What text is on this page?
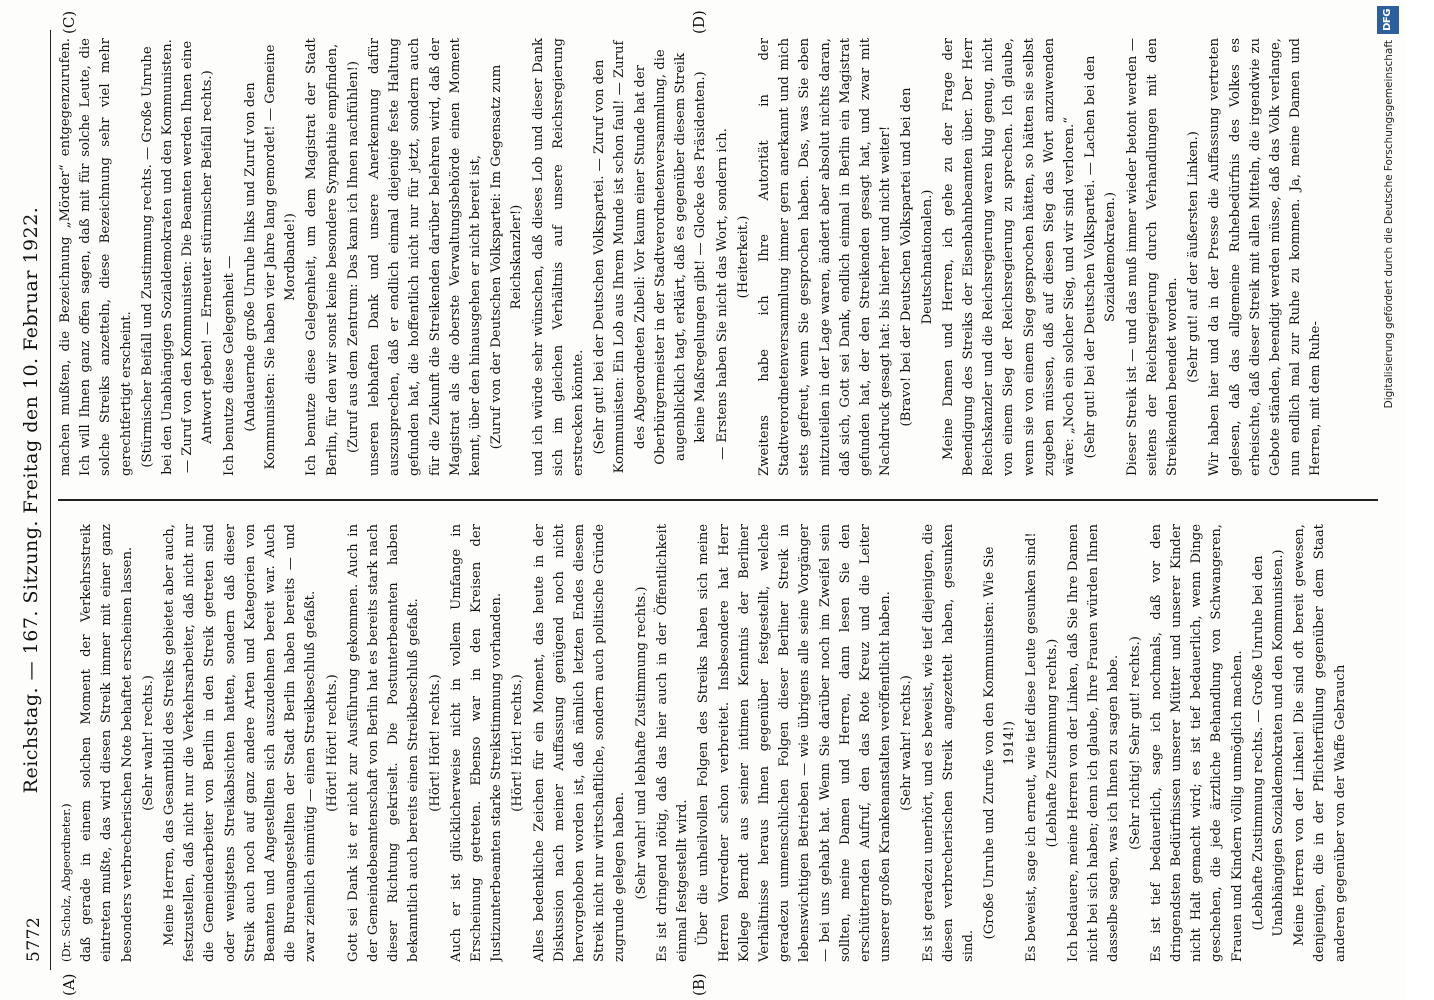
5772
Reichstag. — 167. Sitzung. Freitag den 10. Februar 1922.
(A)	(B)
(C)	(D)

(Dr. Scholz, Abgeordneter.) daß gerade in einem solchen Moment der Verkehrsstreik eintreten mußte, das wird diesen Streik immer mit einer ganz besonders verbrecherischen Note behaftet erscheinen lassen. (Sehr wahr! rechts.) Meine Herren, das Gesamtbild des Streiks gebietet aber auch, festzustellen, daß nicht nur die Verkehrsarbeiter, daß nicht nur die Gemeindearbeiter von Berlin in den Streik getreten sind oder wenigstens Streikabsichten hatten, sondern daß dieser Streik auch noch auf ganz andere Arten und Kategorien von Beamten und Angestellten sich auszudehnen bereit war. Auch die Bureauangestellten der Stadt Berlin haben bereits — und zwar ziemlich einmütig — einen Streikbeschluß gefaßt. (Hört! Hört! rechts.) Gott sei Dank ist er nicht zur Ausführung gekommen. Auch in der Gemeindebeamtenschaft von Berlin hat es bereits stark nach dieser Richtung gekriselt. Die Postunterbeamten haben bekanntlich auch bereits einen Streikbeschluß gefaßt. (Hört! Hört! rechts.) Auch er ist glücklicherweise nicht in vollem Umfange in Erscheinung getreten. Ebenso war in den Kreisen der Justizunterbeamten starke Streikstimmung vorhanden. (Hört! Hört! rechts.) Alles bedenkliche Zeichen für ein Moment, das heute in der Diskussion nach meiner Auffassung genügend noch nicht hervorgehoben worden ist, daß nämlich letzten Endes diesem Streik nicht nur wirtschaftliche, sondern auch politische Gründe zugrunde gelegen haben. (Sehr wahr! und lebhafte Zustimmung rechts.) Es ist dringend nötig, daß das hier auch in der Öffentlichkeit einmal festgestellt wird. Über die unheilvollen Folgen des Streiks haben sich meine Herren Vorredner schon verbreitet. Insbesondere hat Herr Kollege Berndt aus seiner intimen Kenntnis der Berliner Verhältnisse heraus Ihnen gegenüber festgestellt, welche geradezu unmenschlichen Folgen dieser Berliner Streik in lebenswichtigen Betrieben — wie übrigens alle seine Vorgänger — bei uns gehabt hat. Wenn Sie darüber noch im Zweifel sein sollten, meine Damen und Herren, dann lesen Sie den erschütternden Aufruf, den das Rote Kreuz und die Leiter unserer großen Krankenanstalten veröffentlicht haben. (Sehr wahr! rechts.) Es ist geradezu unerhört, und es beweist, wie tief diejenigen, die diesen verbrecherischen Streik angezettelt haben, gesunken sind.

(Große Unruhe und Zurufe von den Kommunisten: Wie Sie 1914!) Es beweist, sage ich erneut, wie tief diese Leute gesunken sind! (Lebhafte Zustimmung rechts.) Ich bedauere, meine Herren von der Linken, daß Sie Ihre Damen nicht bei sich haben; denn ich glaube, Ihre Frauen würden Ihnen dasselbe sagen, was ich Ihnen zu sagen habe. (Sehr richtig! Sehr gut! rechts.) Es ist tief bedauerlich, sage ich nochmals, daß vor den dringendsten Bedürfnissen unserer Mütter und unserer Kinder nicht Halt gemacht wird; es ist tief bedauerlich, wenn Dinge geschehen, die jede ärztliche Behandlung von Schwangeren, Frauen und Kindern völlig unmöglich machen. (Lebhafte Zustimmung rechts. — Große Unruhe bei den Unabhängigen Sozialdemokraten und den Kommunisten.) Meine Herren von der Linken! Die sind oft bereit gewesen, denjenigen, die in der Pflichterfüllung gegenüber dem Staat anderen gegenüber von der Waffe Gebrauch

machen mußten, die Bezeichnung „Mörder“ entgegenzurufen. Ich will Ihnen ganz offen sagen, daß mit für solche Leute, die solche Streiks anzetteln, diese Bezeichnung sehr viel mehr gerechtfertigt erscheint. (Stürmischer Beifall und Zustimmung rechts. — Große Unruhe bei den Unabhängigen Sozialdemokraten und den Kommunisten. — Zuruf von den Kommunisten: Die Beamten werden Ihnen eine Antwort geben! — Erneuter stürmischer Beifall rechts.) Ich benutze diese Gelegenheit — (Andauernde große Unruhe links und Zuruf von den Kommunisten: Sie haben vier Jahre lang gemordet! — Gemeine Mordbande!) Ich benutze diese Gelegenheit, um dem Magistrat der Stadt Berlin, für den wir sonst keine besondere Sympathie empfinden, (Zuruf aus dem Zentrum: Das kann ich Ihnen nachfühlen!) unseren lebhaften Dank und unsere Anerkennung dafür auszusprechen, daß er endlich einmal diejenige feste Haltung gefunden hat, die hoffentlich nicht nur für jetzt, sondern auch für die Zukunft die Streikenden darüber belehren wird, daß der Magistrat als die oberste Verwaltungsbehörde einen Moment kennt, über den hinausgehen er nicht bereit ist, (Zuruf von der Deutschen Volkspartei: Im Gegensatz zum Reichskanzler!) und ich würde sehr wünschen, daß dieses Lob und dieser Dank sich im gleichen Verhältnis auf unsere Reichsregierung erstrecken könnte. (Sehr gut! bei der Deutschen Volkspartei. — Zuruf von den Kommunisten: Ein Lob aus Ihrem Munde ist schon faul! — Zuruf des Abgeordneten Zubeil: Vor kaum einer Stunde hat der Oberbürgermeister in der Stadtverordnetenversammlung, die augenblicklich tagt, erklärt, daß es gegenüber diesem Streik keine Maßregelungen gibt! — Glocke des Präsidenten.) — Erstens haben Sie nicht das Wort, sondern ich. (Heiterkeit.) Zweitens habe ich Ihre Autorität in der Stadtverordnetenversammlung immer gern anerkannt und mich stets gefreut, wenn Sie gesprochen haben. Das, was Sie eben mitzuteilen in der Lage waren, ändert aber absolut nichts daran, daß sich, Gott sei Dank, endlich einmal in Berlin ein Magistrat gefunden hat, der den Streikenden gesagt hat, und zwar mit Nachdruck gesagt hat: bis hierher und nicht weiter! (Bravo! bei der Deutschen Volkspartei und bei den Deutschnationalen.) Meine Damen und Herren, ich gehe zu der Frage der Beendigung des Streiks der Eisenbahnbeamten über. Der Herr Reichskanzler und die Reichsregierung waren klug genug, nicht von einem Sieg der Reichsregierung zu sprechen. Ich glaube, wenn sie von einem Sieg gesprochen hätten, so hätten sie selbst zugeben müssen, daß auf diesen Sieg das Wort anzuwenden wäre: „Noch ein solcher Sieg, und wir sind verloren.“ (Sehr gut! bei der Deutschen Volkspartei. — Lachen bei den Sozialdemokraten.) Dieser Streik ist — und das muß immer wieder betont werden — seitens der Reichsregierung durch Verhandlungen mit den Streikenden beendet worden. (Sehr gut! auf der äußersten Linken.) Wir haben hier und da in der Presse die Auffassung vertreten gelesen, daß das allgemeine Ruhebedürfnis des Volkes es erheischte, daß dieser Streik mit allen Mitteln, die irgendwie zu Gebote ständen, beendigt werden müsse, daß das Volk verlange, nun endlich mal zur Ruhe zu kommen. Ja, meine Damen und Herren, mit dem Ruhe-	Digitalisierung gefördert durch die Deutsche Forschungsgemeinschaft
DFG
